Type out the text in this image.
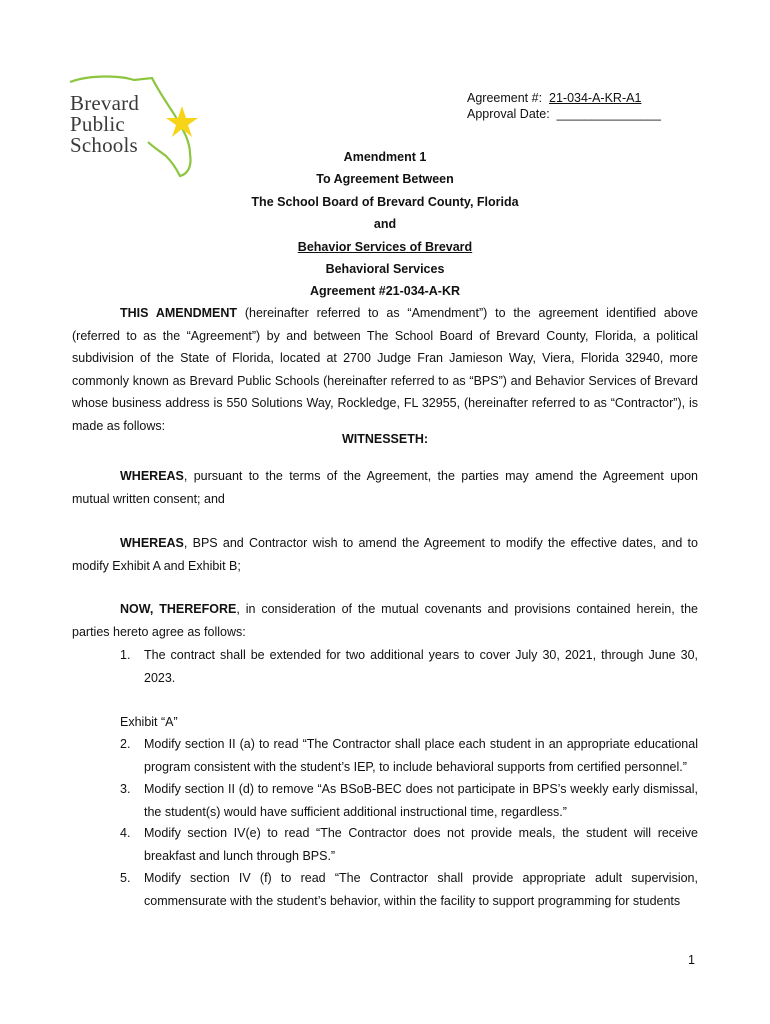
Brevard
Public
Schools
Agreement #: 21-034-A-KR-A1
Approval Date: _______________
Amendment 1
To Agreement Between
The School Board of Brevard County, Florida
and
Behavior Services of Brevard
Behavioral Services
Agreement #21-034-A-KR
THIS AMENDMENT (hereinafter referred to as “Amendment”) to the agreement identified above (referred to as the “Agreement”) by and between The School Board of Brevard County, Florida, a political subdivision of the State of Florida, located at 2700 Judge Fran Jamieson Way, Viera, Florida 32940, more commonly known as Brevard Public Schools (hereinafter referred to as “BPS”) and Behavior Services of Brevard whose business address is 550 Solutions Way, Rockledge, FL 32955, (hereinafter referred to as “Contractor”), is made as follows:
WITNESSETH:
WHEREAS, pursuant to the terms of the Agreement, the parties may amend the Agreement upon mutual written consent; and
WHEREAS, BPS and Contractor wish to amend the Agreement to modify the effective dates, and to modify Exhibit A and Exhibit B;
NOW, THEREFORE, in consideration of the mutual covenants and provisions contained herein, the parties hereto agree as follows:
1. The contract shall be extended for two additional years to cover July 30, 2021, through June 30, 2023.
Exhibit “A”
2. Modify section II (a) to read “The Contractor shall place each student in an appropriate educational program consistent with the student’s IEP, to include behavioral supports from certified personnel.”
3. Modify section II (d) to remove “As BSoB-BEC does not participate in BPS’s weekly early dismissal, the student(s) would have sufficient additional instructional time, regardless.”
4. Modify section IV(e) to read “The Contractor does not provide meals, the student will receive breakfast and lunch through BPS.”
5. Modify section IV (f) to read “The Contractor shall provide appropriate adult supervision, commensurate with the student’s behavior, within the facility to support programming for students
1
